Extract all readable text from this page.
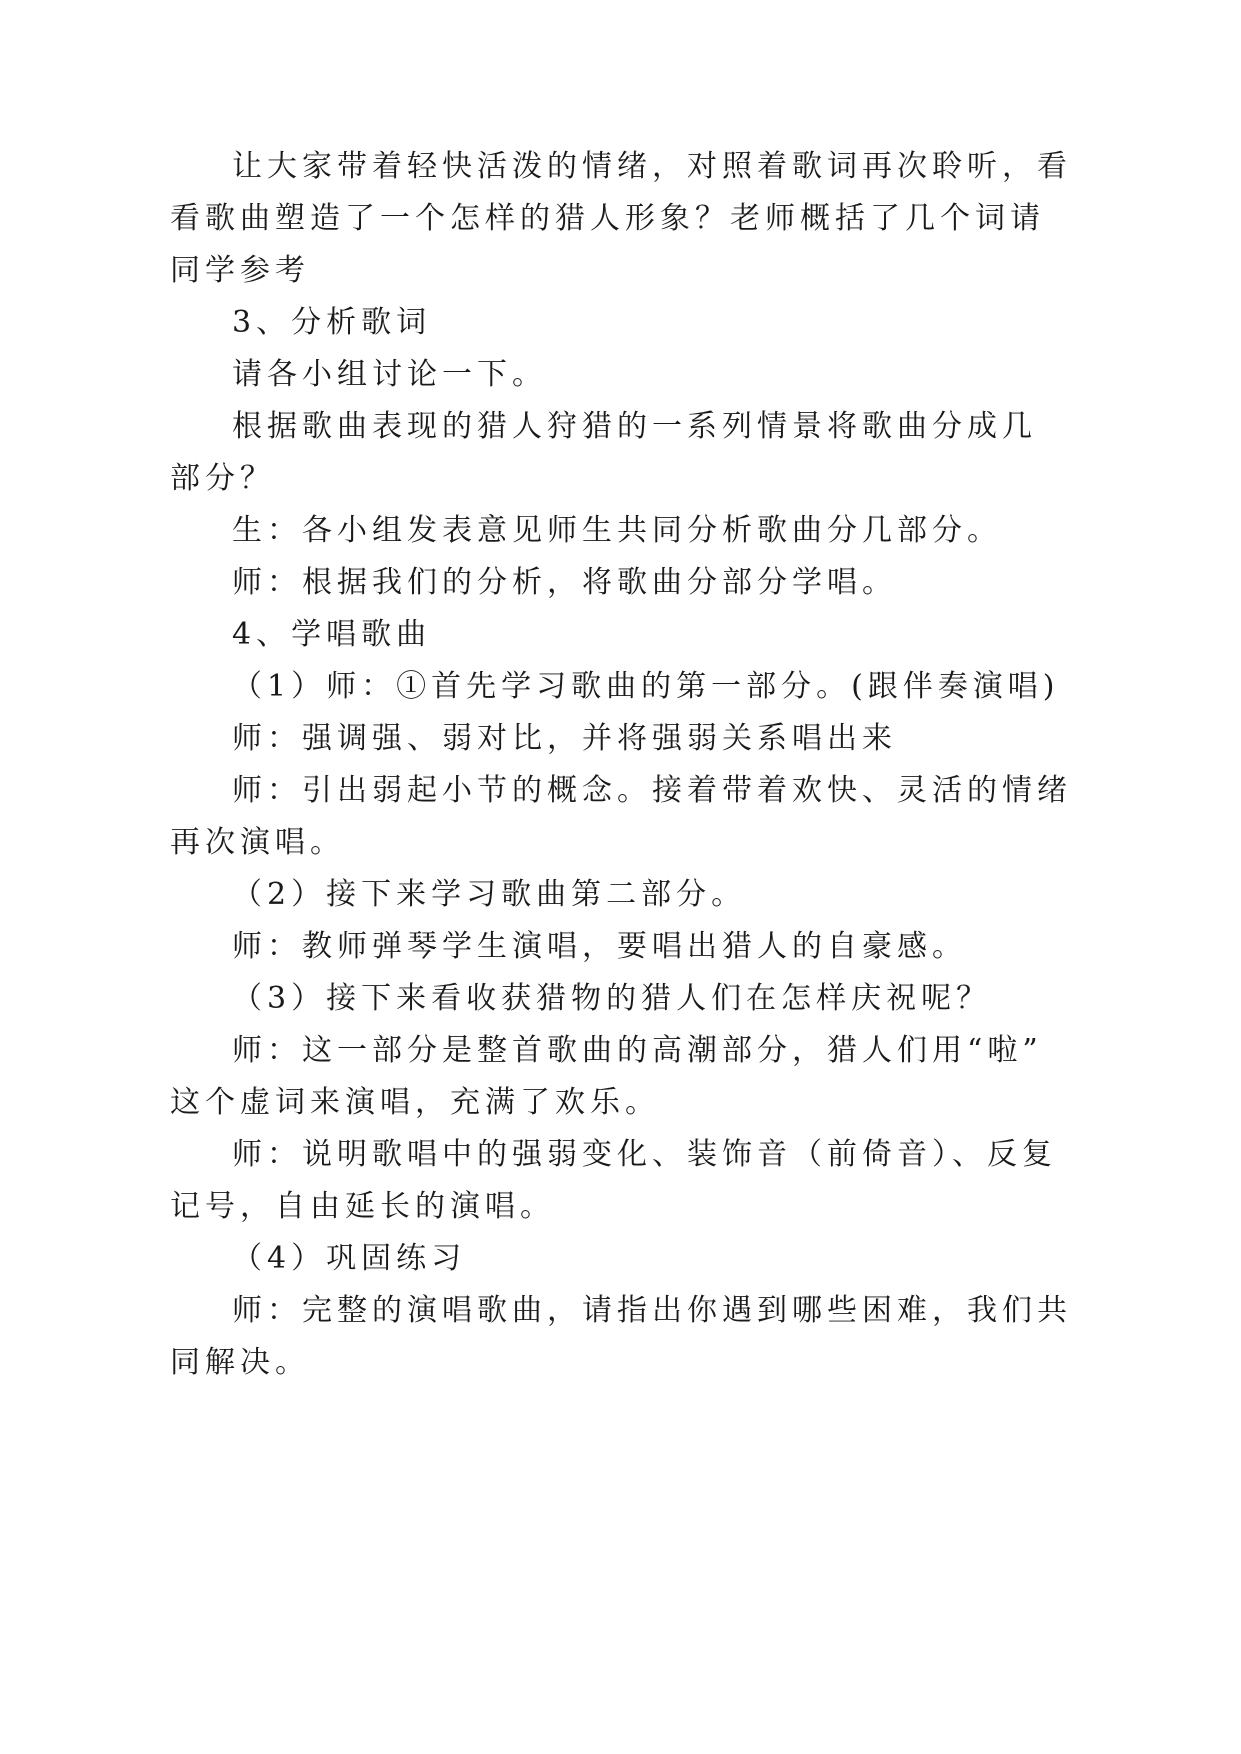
让大家带着轻快活泼的情绪，对照着歌词再次聆听，看

看歌曲塑造了一个怎样的猎人形象？老师概括了几个词请

同学参考

3、分析歌词

请各小组讨论一下。

根据歌曲表现的猎人狩猎的一系列情景将歌曲分成几

部分？

生：各小组发表意见师生共同分析歌曲分几部分。

师：根据我们的分析，将歌曲分部分学唱。

4、学唱歌曲

（1）师：①首先学习歌曲的第一部分。(跟伴奏演唱)

师：强调强、弱对比，并将强弱关系唱出来

师：引出弱起小节的概念。接着带着欢快、灵活的情绪

再次演唱。

（2）接下来学习歌曲第二部分。

师：教师弹琴学生演唱，要唱出猎人的自豪感。

（3）接下来看收获猎物的猎人们在怎样庆祝呢？

师：这一部分是整首歌曲的高潮部分，猎人们用“啦”

这个虚词来演唱，充满了欢乐。

师：说明歌唱中的强弱变化、装饰音（前倚音）、反复

记号，自由延长的演唱。

（4）巩固练习

师：完整的演唱歌曲，请指出你遇到哪些困难，我们共

同解决。
